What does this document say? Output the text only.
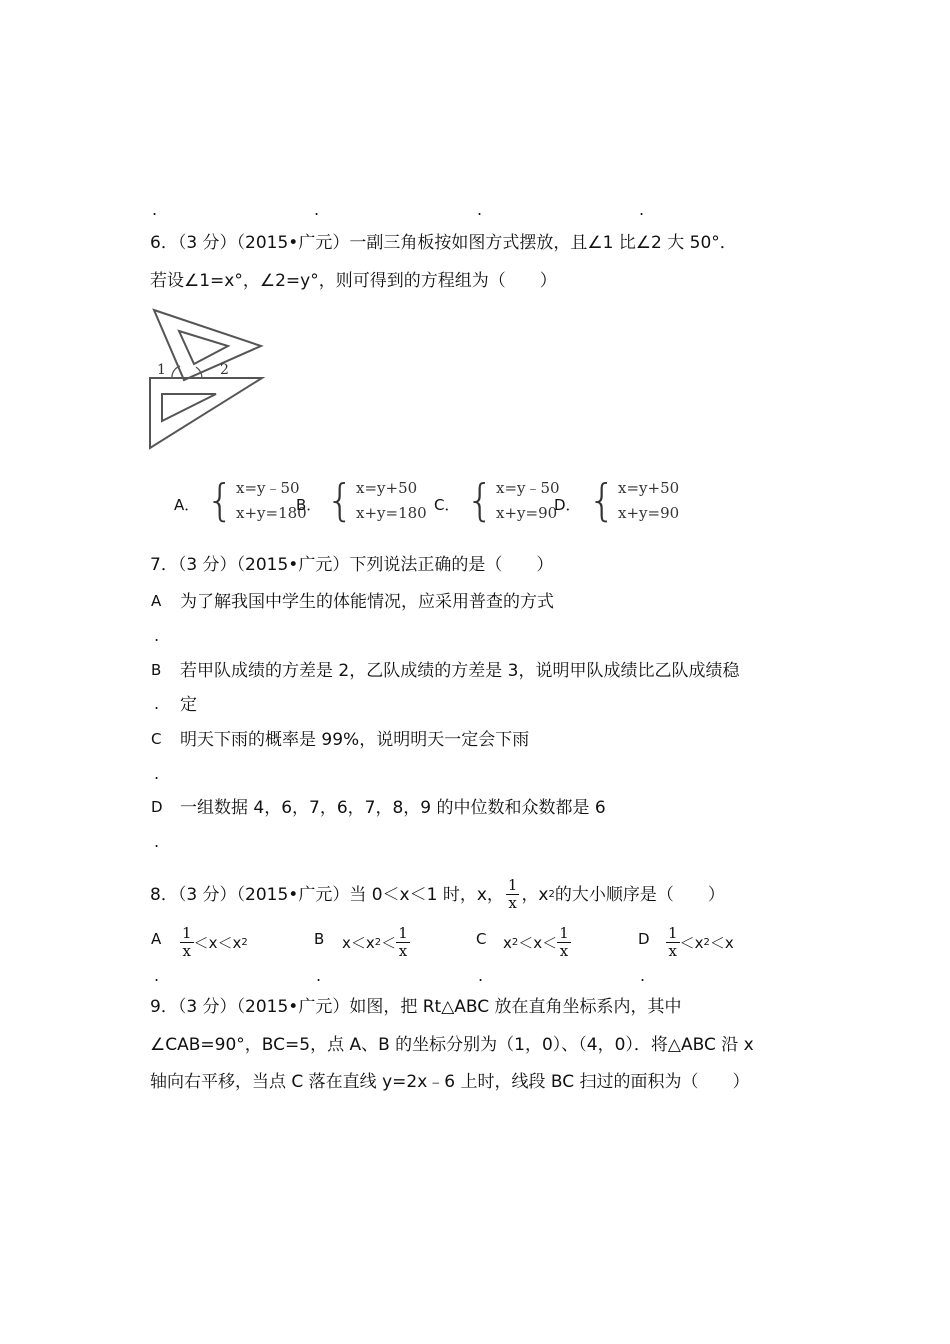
.	.	.	.
6．（3 分）（2015•广元）一副三角板按如图方式摆放，且∠1 比∠2 大 50°．
若设∠1=x°，∠2=y°，则可得到的方程组为（　　）
1	2
A． { x=y﹣50
x+y=180
B． { x=y+50
x+y=180 C． { x=y﹣50
x+y=90
D． { x=y+50
x+y=90
7．（3 分）（2015•广元）下列说法正确的是（　　）
A 为了解我国中学生的体能情况，应采用普查的方式
.
B 若甲队成绩的方差是 2，乙队成绩的方差是 3，说明甲队成绩比乙队成绩稳
. 定
C 明天下雨的概率是 99%，说明明天一定会下雨
.
D 一组数据 4，6，7，6，7，8，9 的中位数和众数都是 6
.
8．（3 分）（2015•广元）当 0＜x＜1 时，x， $\frac{1}{x}$ ，x 2 的大小顺序是（　　）
A
.
$\frac{1}{x} < x < x$ 2	B
.
x ＜ x $2 < \frac{1}{x}$	C
.
x $2 < x < \frac{1}{x}$	D
.
$\frac{1}{x} < x$ 2 ＜ x
9．（3 分）（2015•广元）如图，把 Rt△ABC 放在直角坐标系内，其中
∠CAB=90°，BC=5，点 A、B 的坐标分别为（1，0）、（4，0）．将△ABC 沿 x
轴向右平移，当点 C 落在直线 y=2x﹣6 上时，线段 BC 扫过的面积为（　　）
